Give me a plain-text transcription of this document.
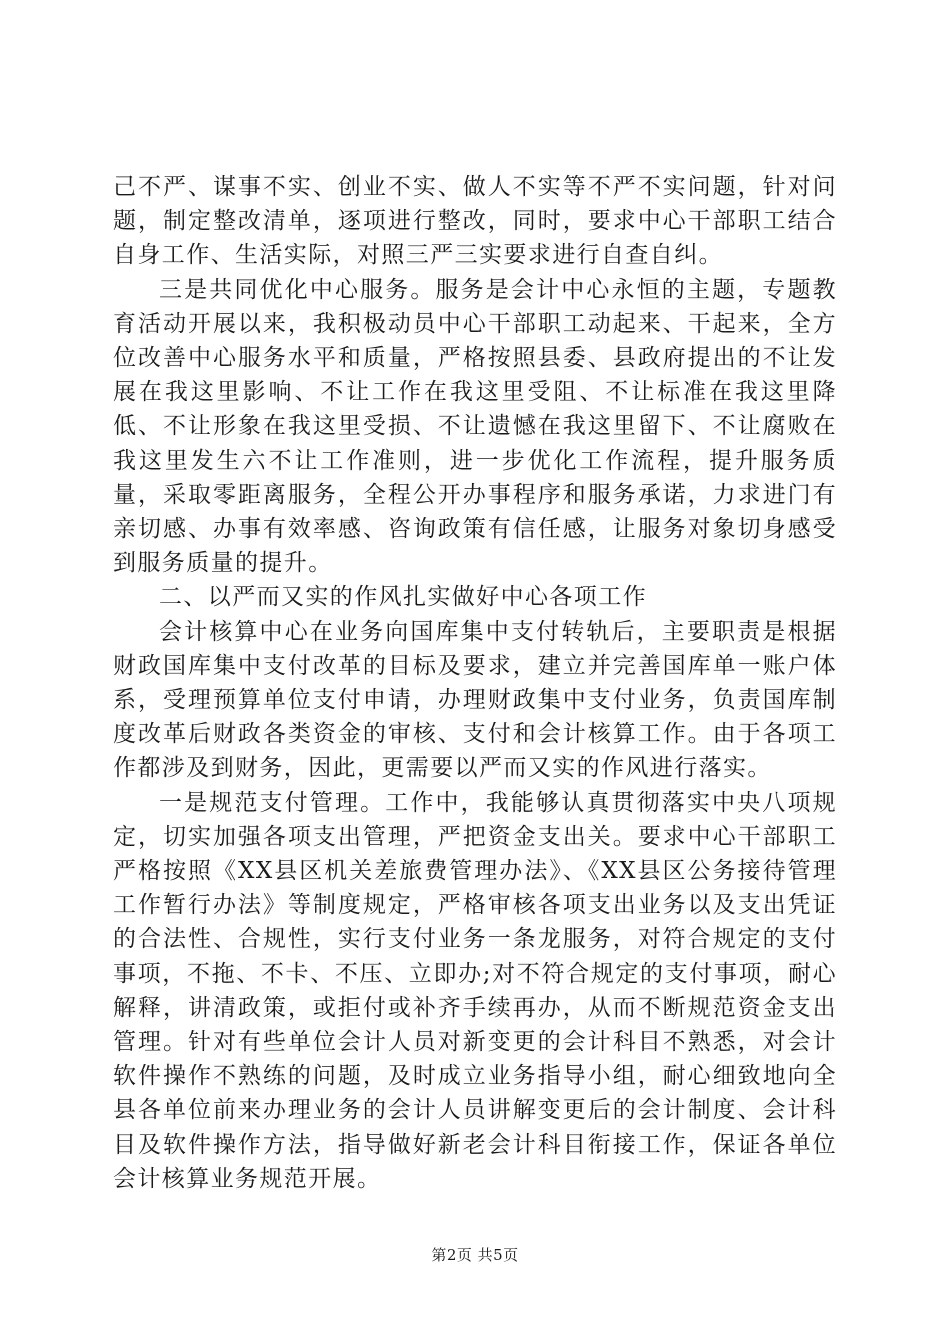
己不严、谋事不实、创业不实、做人不实等不严不实问题，针对问题，制定整改清单，逐项进行整改，同时，要求中心干部职工结合自身工作、生活实际，对照三严三实要求进行自查自纠。

三是共同优化中心服务。服务是会计中心永恒的主题，专题教育活动开展以来，我积极动员中心干部职工动起来、干起来，全方位改善中心服务水平和质量，严格按照县委、县政府提出的不让发展在我这里影响、不让工作在我这里受阻、不让标准在我这里降低、不让形象在我这里受损、不让遗憾在我这里留下、不让腐败在我这里发生六不让工作准则，进一步优化工作流程，提升服务质量，采取零距离服务，全程公开办事程序和服务承诺，力求进门有亲切感、办事有效率感、咨询政策有信任感，让服务对象切身感受到服务质量的提升。

二、以严而又实的作风扎实做好中心各项工作

会计核算中心在业务向国库集中支付转轨后，主要职责是根据财政国库集中支付改革的目标及要求，建立并完善国库单一账户体系，受理预算单位支付申请，办理财政集中支付业务，负责国库制度改革后财政各类资金的审核、支付和会计核算工作。由于各项工作都涉及到财务，因此，更需要以严而又实的作风进行落实。

一是规范支付管理。工作中，我能够认真贯彻落实中央八项规定，切实加强各项支出管理，严把资金支出关。要求中心干部职工严格按照《XX县区机关差旅费管理办法》、《XX县区公务接待管理工作暂行办法》等制度规定，严格审核各项支出业务以及支出凭证的合法性、合规性，实行支付业务一条龙服务，对符合规定的支付事项，不拖、不卡、不压、立即办;对不符合规定的支付事项，耐心解释，讲清政策，或拒付或补齐手续再办，从而不断规范资金支出管理。针对有些单位会计人员对新变更的会计科目不熟悉，对会计软件操作不熟练的问题，及时成立业务指导小组，耐心细致地向全县各单位前来办理业务的会计人员讲解变更后的会计制度、会计科目及软件操作方法，指导做好新老会计科目衔接工作，保证各单位会计核算业务规范开展。

第2页 共5页
